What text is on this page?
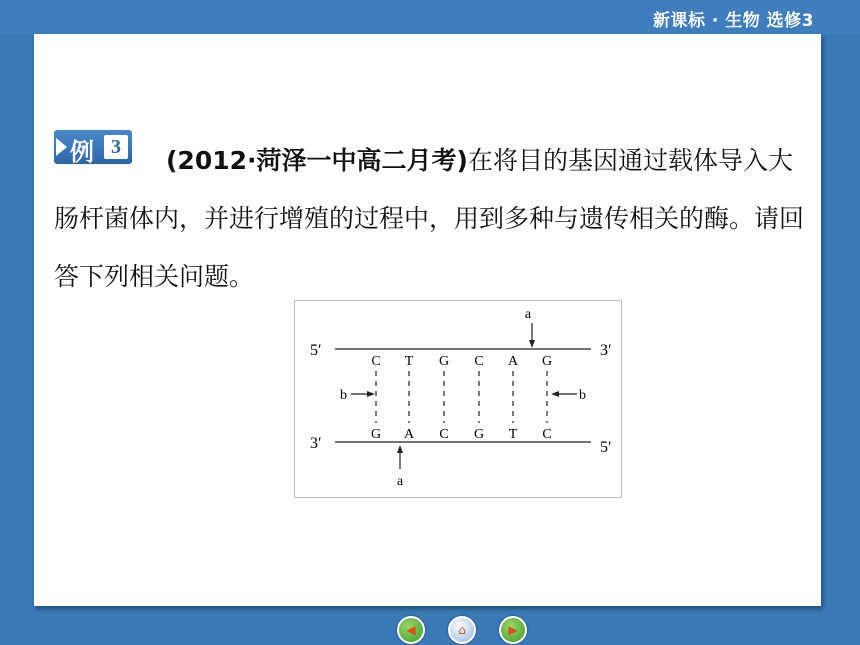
新课标 · 生物 选修3
例 3	(2012·菏泽一中高二月考)在将目的基因通过载体导入大肠杆菌体内，并进行增殖的过程中，用到多种与遗传相关的酶。请回答下列相关问题。
5′	3′
3′	5′
C T G C A G
G A C G T C
a
a
b	b
◀	⌂	▶
